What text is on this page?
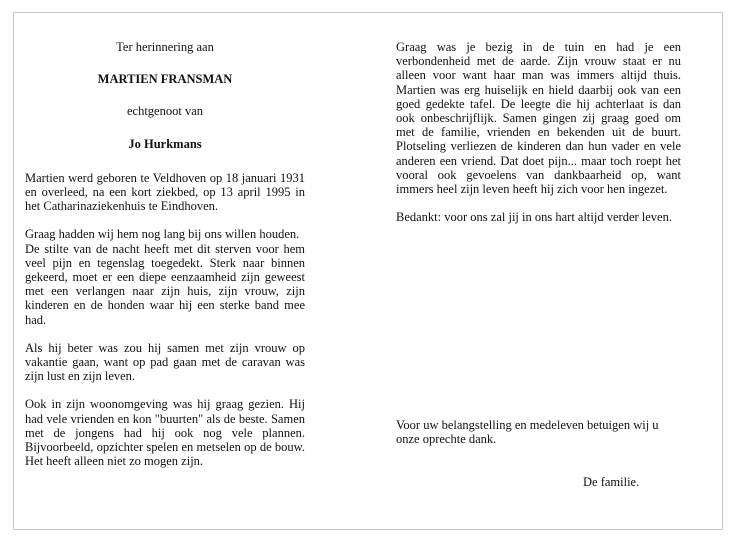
Ter herinnering aan

MARTIEN FRANSMAN

echtgenoot van

Jo Hurkmans

Martien werd geboren te Veldhoven op 18 januari 1931 en overleed, na een kort ziekbed, op 13 april 1995 in het Catharinaziekenhuis te Eindhoven.

Graag hadden wij hem nog lang bij ons willen houden.

De stilte van de nacht heeft met dit sterven voor hem veel pijn en tegenslag toegedekt. Sterk naar binnen gekeerd, moet er een diepe eenzaamheid zijn geweest met een verlangen naar zijn huis, zijn vrouw, zijn kinderen en de honden waar hij een sterke band mee had.

Als hij beter was zou hij samen met zijn vrouw op vakantie gaan, want op pad gaan met de caravan was zijn lust en zijn leven.

Ook in zijn woonomgeving was hij graag gezien. Hij had vele vrienden en kon "buurten" als de beste. Samen met de jongens had hij ook nog vele plannen. Bijvoorbeeld, opzichter spelen en metselen op de bouw. Het heeft alleen niet zo mogen zijn.

Graag was je bezig in de tuin en had je een verbondenheid met de aarde. Zijn vrouw staat er nu alleen voor want haar man was immers altijd thuis. Martien was erg huiselijk en hield daarbij ook van een goed gedekte tafel. De leegte die hij achterlaat is dan ook onbeschrijflijk. Samen gingen zij graag goed om met de familie, vrienden en bekenden uit de buurt. Plotseling verliezen de kinderen dan hun vader en vele anderen een vriend. Dat doet pijn... maar toch roept het vooral ook gevoelens van dankbaarheid op, want immers heel zijn leven heeft hij zich voor hen ingezet.

Bedankt: voor ons zal jij in ons hart altijd verder leven.

Voor uw belangstelling en medeleven betuigen wij u onze oprechte dank.

De familie.
